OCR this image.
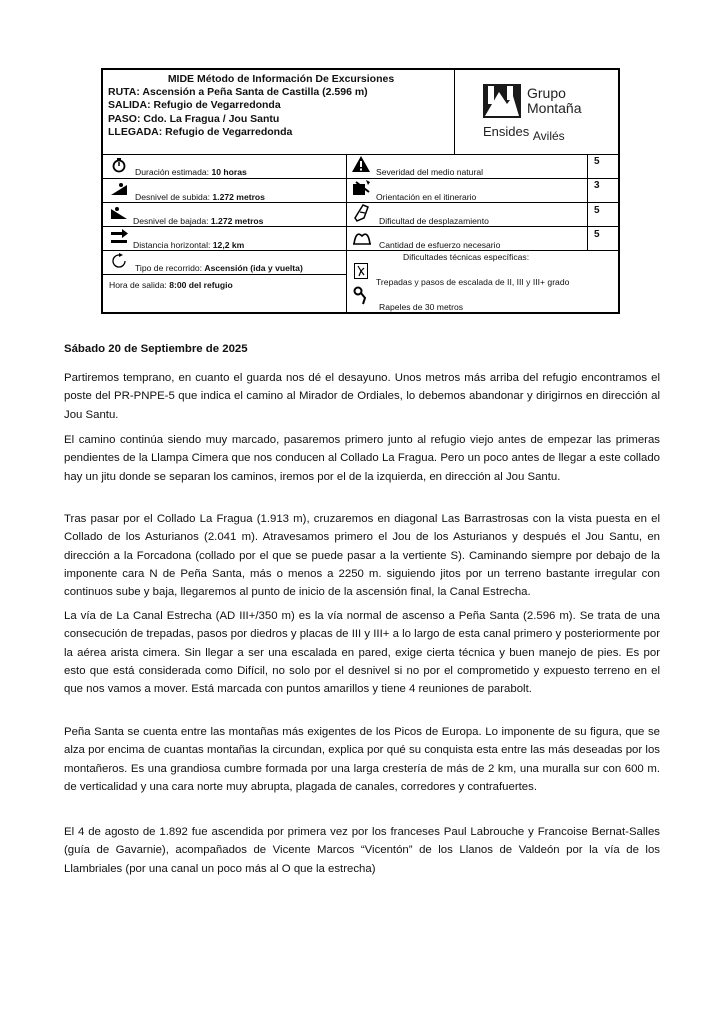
MIDE Método de Información De Excursiones
RUTA: Ascensión a Peña Santa de Castilla (2.596 m)
SALIDA: Refugio de Vegarredonda
PASO: Cdo. La Fragua / Jou Santu
LLEGADA: Refugio de Vegarredonda
Grupo
Montaña
Ensides Avilés
Duración estimada: 10 horas
Desnivel de subida: 1.272 metros
Desnivel de bajada: 1.272 metros
Distancia horizontal: 12,2 km
Tipo de recorrido: Ascensión (ida y vuelta)
Hora de salida: 8:00 del refugio
Severidad del medio natural
5
Orientación en el itinerario
3
Dificultad de desplazamiento
5
Cantidad de esfuerzo necesario
5
Dificultades técnicas específicas:
Trepadas y pasos de escalada de II, III y III+ grado
Rapeles de 30 metros
Sábado 20 de Septiembre de 2025

Partiremos temprano, en cuanto el guarda nos dé el desayuno. Unos metros más arriba del refugio encontramos el poste del PR-PNPE-5 que indica el camino al Mirador de Ordiales, lo debemos abandonar y dirigirnos en dirección al Jou Santu.

El camino continúa siendo muy marcado, pasaremos primero junto al refugio viejo antes de empezar las primeras pendientes de la Llampa Cimera que nos conducen al Collado La Fragua. Pero un poco antes de llegar a este collado hay un jitu donde se separan los caminos, iremos por el de la izquierda, en dirección al Jou Santu.

Tras pasar por el Collado La Fragua (1.913 m), cruzaremos en diagonal Las Barrastrosas con la vista puesta en el Collado de los Asturianos (2.041 m). Atravesamos primero el Jou de los Asturianos y después el Jou Santu, en dirección a la Forcadona (collado por el que se puede pasar a la vertiente S). Caminando siempre por debajo de la imponente cara N de Peña Santa, más o menos a 2250 m. siguiendo jitos por un terreno bastante irregular con continuos sube y baja, llegaremos al punto de inicio de la ascensión final, la Canal Estrecha.

La vía de La Canal Estrecha (AD III+/350 m) es la vía normal de ascenso a Peña Santa (2.596 m). Se trata de una consecución de trepadas, pasos por diedros y placas de III y III+ a lo largo de esta canal primero y posteriormente por la aérea arista cimera. Sin llegar a ser una escalada en pared, exige cierta técnica y buen manejo de pies. Es por esto que está considerada como Difícil, no solo por el desnivel si no por el comprometido y expuesto terreno en el que nos vamos a mover. Está marcada con puntos amarillos y tiene 4 reuniones de parabolt.

Peña Santa se cuenta entre las montañas más exigentes de los Picos de Europa. Lo imponente de su figura, que se alza por encima de cuantas montañas la circundan, explica por qué su conquista esta entre las más deseadas por los montañeros. Es una grandiosa cumbre formada por una larga crestería de más de 2 km, una muralla sur con 600 m. de verticalidad y una cara norte muy abrupta, plagada de canales, corredores y contrafuertes.

El 4 de agosto de 1.892 fue ascendida por primera vez por los franceses Paul Labrouche y Francoise Bernat-Salles (guía de Gavarnie), acompañados de Vicente Marcos “Vicentón” de los Llanos de Valdeón por la vía de los Llambriales (por una canal un poco más al O que la estrecha)
